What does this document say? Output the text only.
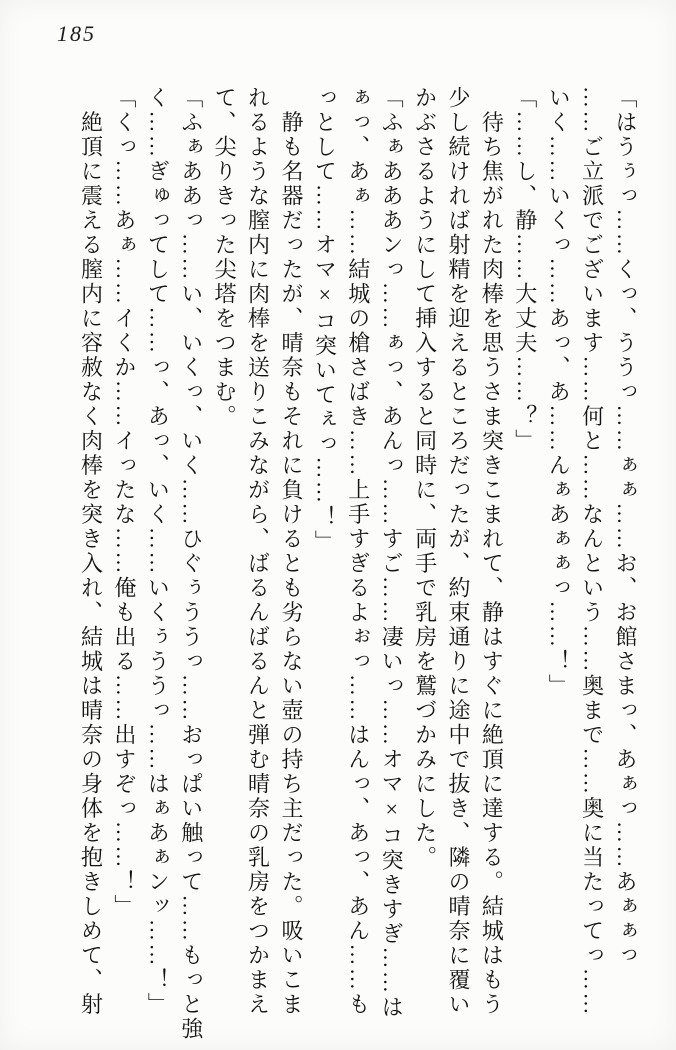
185
「はうぅっ……くっ、ううっ……ぁぁ……お、お館さまっ、あぁっ……あぁぁっ
……ご立派でございます……何と……なんという……奥まで……奥に当たってっ……
いく……いくっ……あっ、あ……んぁあぁぁっ……！」
「……し、静……大丈夫……？」
　待ち焦がれた肉棒を思うさま突きこまれて、静はすぐに絶頂に達する。結城はもう
少し続ければ射精を迎えるところだったが、約束通りに途中で抜き、隣の晴奈に覆い
かぶさるようにして挿入すると同時に、両手で乳房を鷲づかみにした。
「ふぁあああンっ……ぁっ、あんっ……すご……凄いっ……オマ×コ突きすぎ……は
ぁっ、あぁ……結城の槍さばき……上手すぎるよぉっ……はんっ、あっ、あん……も
っとして……オマ×コ突いてぇっ……！」
　静も名器だったが、晴奈もそれに負けるとも劣らない壺の持ち主だった。吸いこま
れるような膣内に肉棒を送りこみながら、ばるんばるんと弾む晴奈の乳房をつかまえ
て、尖りきった尖塔をつまむ。
「ふぁああっ……い、いくっ、いく……ひぐぅううっ……おっぱい触って……もっと強
く……ぎゅってして……っ、あっ、いく……いくぅううっ……はぁあぁンッ……！」
「くっ……あぁ……イくか……イったな……俺も出る……出すぞっ……！」
　絶頂に震える膣内に容赦なく肉棒を突き入れ、結城は晴奈の身体を抱きしめて、射
